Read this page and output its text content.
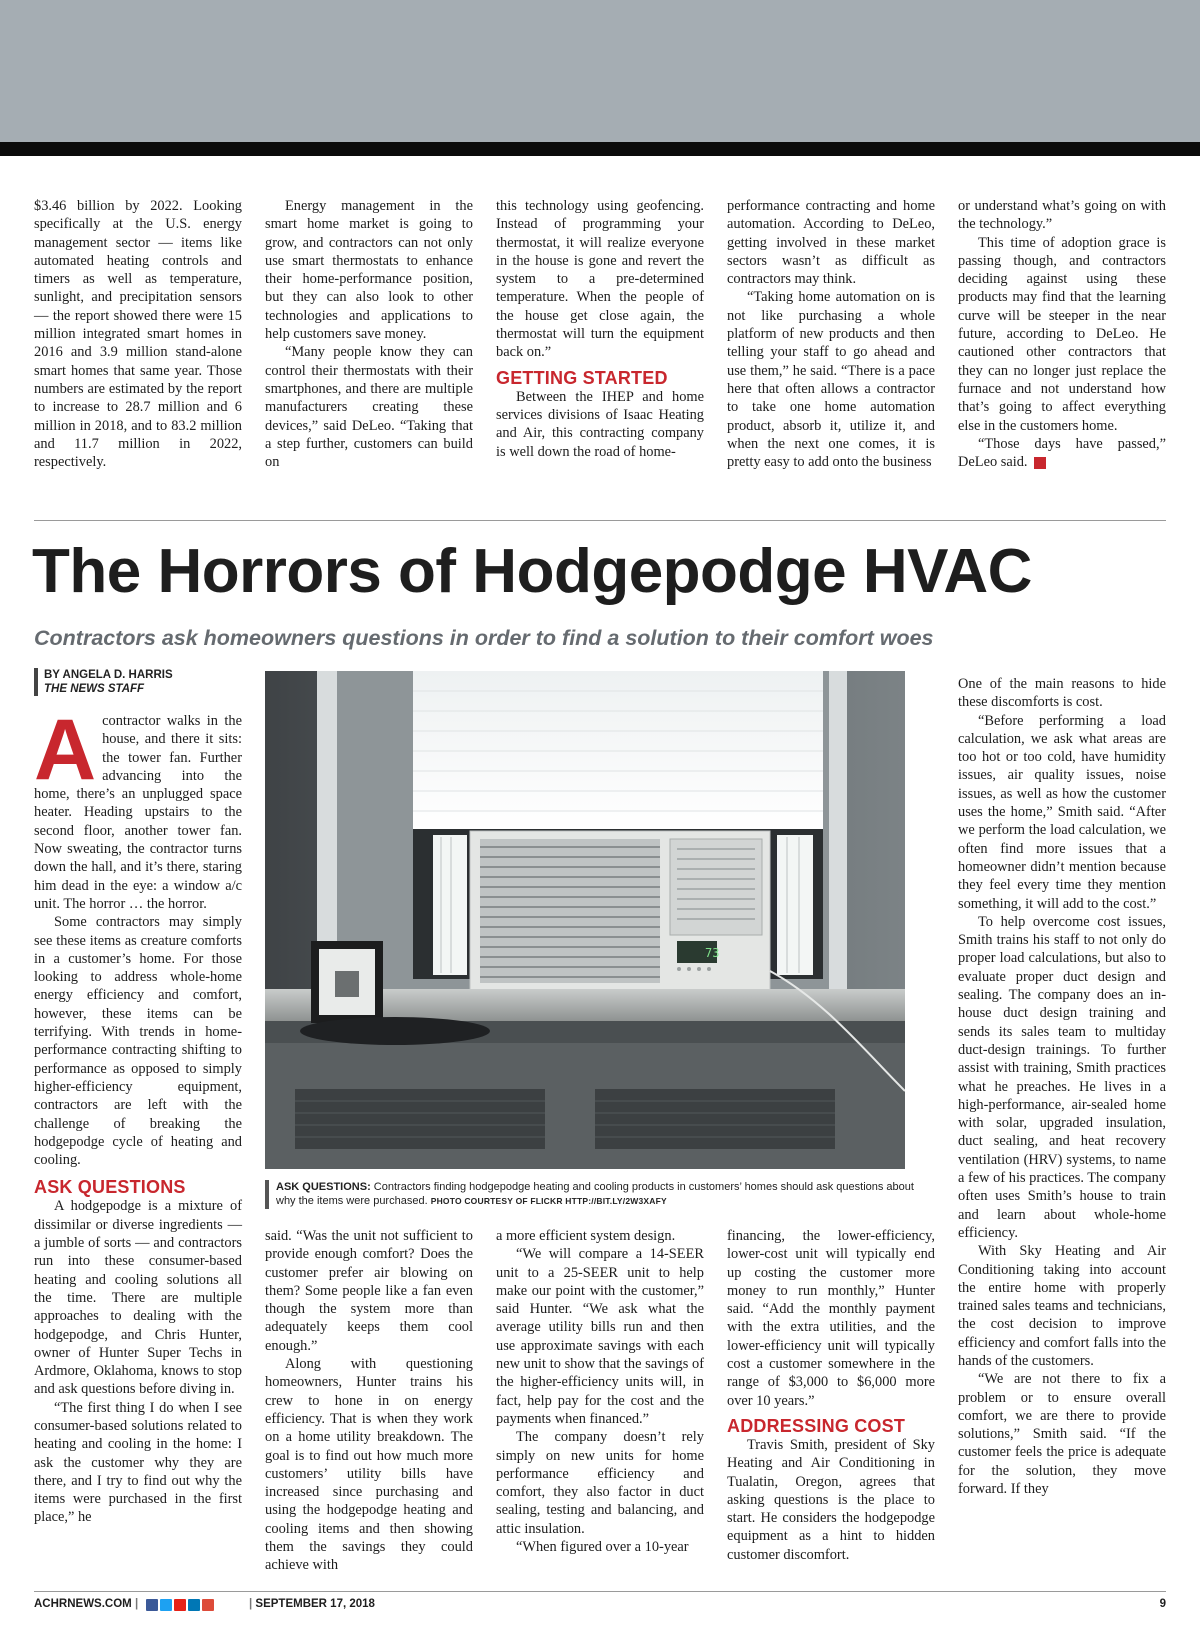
$3.46 billion by 2022. Looking specifically at the U.S. energy management sector — items like automated heating controls and timers as well as temperature, sunlight, and precipitation sensors — the report showed there were 15 million integrated smart homes in 2016 and 3.9 million stand-alone smart homes that same year. Those numbers are estimated by the report to increase to 28.7 million and 6 million in 2018, and to 83.2 million and 11.7 million in 2022, respectively.

Energy management in the smart home market is going to grow, and contractors can not only use smart thermostats to enhance their home-performance position, but they can also look to other technologies and applications to help customers save money.

“Many people know they can control their thermostats with their smartphones, and there are multiple manufacturers creating these devices,” said DeLeo. “Taking that a step further, customers can build on

this technology using geofencing. Instead of programming your thermostat, it will realize everyone in the house is gone and revert the system to a pre-determined temperature. When the people of the house get close again, the thermostat will turn the equipment back on.”

GETTING STARTED

Between the IHEP and home services divisions of Isaac Heating and Air, this contracting company is well down the road of home-

performance contracting and home automation. According to DeLeo, getting involved in these market sectors wasn’t as difficult as contractors may think.

“Taking home automation on is not like purchasing a whole platform of new products and then telling your staff to go ahead and use them,” he said. “There is a pace here that often allows a contractor to take one home automation product, absorb it, utilize it, and when the next one comes, it is pretty easy to add onto the business

or understand what’s going on with the technology.”

This time of adoption grace is passing though, and contractors deciding against using these products may find that the learning curve will be steeper in the near future, according to DeLeo. He cautioned other contractors that they can no longer just replace the furnace and not understand how that’s going to affect everything else in the customers home.

“Those days have passed,” DeLeo said.	N

The Horrors of Hodgepodge HVAC
Contractors ask homeowners questions in order to find a solution to their comfort woes
BY ANGELA D. HARRIS
THE NEWS STAFF
73
ASK QUESTIONS: Contractors finding hodgepodge heating and cooling products in customers’ homes should ask questions about why the items were purchased. PHOTO COURTESY OF FLICKR HTTP://BIT.LY/2W3XAFY
A contractor walks in the house, and there it sits: the tower fan. Further advancing into the home, there’s an unplugged space heater. Heading upstairs to the second floor, another tower fan. Now sweating, the contractor turns down the hall, and it’s there, staring him dead in the eye: a window a/c unit. The horror … the horror.

Some contractors may simply see these items as creature comforts in a customer’s home. For those looking to address whole-home energy efficiency and comfort, however, these items can be terrifying. With trends in home-performance contracting shifting to performance as opposed to simply higher-efficiency equipment, contractors are left with the challenge of breaking the hodgepodge cycle of heating and cooling.

ASK QUESTIONS

A hodgepodge is a mixture of dissimilar or diverse ingredients — a jumble of sorts — and contractors run into these consumer-based heating and cooling solutions all the time. There are multiple approaches to dealing with the hodgepodge, and Chris Hunter, owner of Hunter Super Techs in Ardmore, Oklahoma, knows to stop and ask questions before diving in.

“The first thing I do when I see consumer-based solutions related to heating and cooling in the home: I ask the customer why they are there, and I try to find out why the items were purchased in the first place,” he

said. “Was the unit not sufficient to provide enough comfort? Does the customer prefer air blowing on them? Some people like a fan even though the system more than adequately keeps them cool enough.”

Along with questioning homeowners, Hunter trains his crew to hone in on energy efficiency. That is when they work on a home utility breakdown. The goal is to find out how much more customers’ utility bills have increased since purchasing and using the hodgepodge heating and cooling items and then showing them the savings they could achieve with

a more efficient system design.

“We will compare a 14-SEER unit to a 25-SEER unit to help make our point with the customer,” said Hunter. “We ask what the average utility bills run and then use approximate savings with each new unit to show that the savings of the higher-efficiency units will, in fact, help pay for the cost and the payments when financed.”

The company doesn’t rely simply on new units for home performance efficiency and comfort, they also factor in duct sealing, testing and balancing, and attic insulation.

“When figured over a 10-year

financing, the lower-efficiency, lower-cost unit will typically end up costing the customer more money to run monthly,” Hunter said. “Add the monthly payment with the extra utilities, and the lower-efficiency unit will typically cost a customer somewhere in the range of $3,000 to $6,000 more over 10 years.”

ADDRESSING COST

Travis Smith, president of Sky Heating and Air Conditioning in Tualatin, Oregon, agrees that asking questions is the place to start. He considers the hodgepodge equipment as a hint to hidden customer discomfort.

One of the main reasons to hide these discomforts is cost.

“Before performing a load calculation, we ask what areas are too hot or too cold, have humidity issues, air quality issues, noise issues, as well as how the customer uses the home,” Smith said. “After we perform the load calculation, we often find more issues that a homeowner didn’t mention because they feel every time they mention something, it will add to the cost.”

To help overcome cost issues, Smith trains his staff to not only do proper load calculations, but also to evaluate proper duct design and sealing. The company does an in-house duct design training and sends its sales team to multiday duct-design trainings. To further assist with training, Smith practices what he preaches. He lives in a high-performance, air-sealed home with solar, upgraded insulation, duct sealing, and heat recovery ventilation (HRV) systems, to name a few of his practices. The company often uses Smith’s house to train and learn about whole-home efficiency.

With Sky Heating and Air Conditioning taking into account the entire home with properly trained sales teams and technicians, the cost decision to improve efficiency and comfort falls into the hands of the customers.

“We are not there to fix a problem or to ensure overall comfort, we are there to provide solutions,” Smith said. “If the customer feels the price is adequate for the solution, they move forward. If they

ACHRNEWS.COM |	| SEPTEMBER 17, 2018	9
